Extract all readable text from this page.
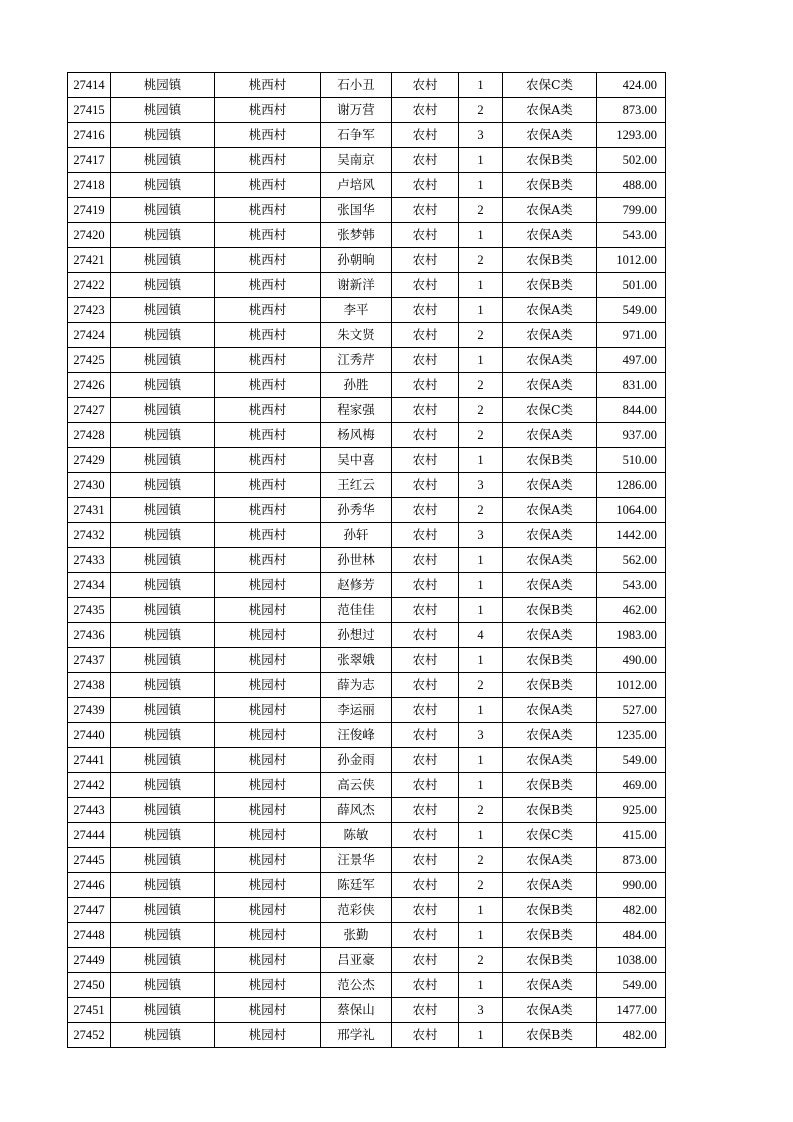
27414	桃园镇	桃西村	石小丑	农村	1	农保C类	424.00
27415	桃园镇	桃西村	谢万营	农村	2	农保A类	873.00
27416	桃园镇	桃西村	石争军	农村	3	农保A类	1293.00
27417	桃园镇	桃西村	吴南京	农村	1	农保B类	502.00
27418	桃园镇	桃西村	卢培风	农村	1	农保B类	488.00
27419	桃园镇	桃西村	张国华	农村	2	农保A类	799.00
27420	桃园镇	桃西村	张梦韩	农村	1	农保A类	543.00
27421	桃园镇	桃西村	孙朝晌	农村	2	农保B类	1012.00
27422	桃园镇	桃西村	谢新洋	农村	1	农保B类	501.00
27423	桃园镇	桃西村	李平	农村	1	农保A类	549.00
27424	桃园镇	桃西村	朱文贤	农村	2	农保A类	971.00
27425	桃园镇	桃西村	江秀芹	农村	1	农保A类	497.00
27426	桃园镇	桃西村	孙胜	农村	2	农保A类	831.00
27427	桃园镇	桃西村	程家强	农村	2	农保C类	844.00
27428	桃园镇	桃西村	杨风梅	农村	2	农保A类	937.00
27429	桃园镇	桃西村	吴中喜	农村	1	农保B类	510.00
27430	桃园镇	桃西村	王红云	农村	3	农保A类	1286.00
27431	桃园镇	桃西村	孙秀华	农村	2	农保A类	1064.00
27432	桃园镇	桃西村	孙轩	农村	3	农保A类	1442.00
27433	桃园镇	桃西村	孙世林	农村	1	农保A类	562.00
27434	桃园镇	桃园村	赵修芳	农村	1	农保A类	543.00
27435	桃园镇	桃园村	范佳佳	农村	1	农保B类	462.00
27436	桃园镇	桃园村	孙想过	农村	4	农保A类	1983.00
27437	桃园镇	桃园村	张翠娥	农村	1	农保B类	490.00
27438	桃园镇	桃园村	薛为志	农村	2	农保B类	1012.00
27439	桃园镇	桃园村	李运丽	农村	1	农保A类	527.00
27440	桃园镇	桃园村	汪俊峰	农村	3	农保A类	1235.00
27441	桃园镇	桃园村	孙金雨	农村	1	农保A类	549.00
27442	桃园镇	桃园村	高云侠	农村	1	农保B类	469.00
27443	桃园镇	桃园村	薛风杰	农村	2	农保B类	925.00
27444	桃园镇	桃园村	陈敏	农村	1	农保C类	415.00
27445	桃园镇	桃园村	汪景华	农村	2	农保A类	873.00
27446	桃园镇	桃园村	陈廷军	农村	2	农保A类	990.00
27447	桃园镇	桃园村	范彩侠	农村	1	农保B类	482.00
27448	桃园镇	桃园村	张勤	农村	1	农保B类	484.00
27449	桃园镇	桃园村	吕亚豪	农村	2	农保B类	1038.00
27450	桃园镇	桃园村	范公杰	农村	1	农保A类	549.00
27451	桃园镇	桃园村	蔡保山	农村	3	农保A类	1477.00
27452	桃园镇	桃园村	邢学礼	农村	1	农保B类	482.00
